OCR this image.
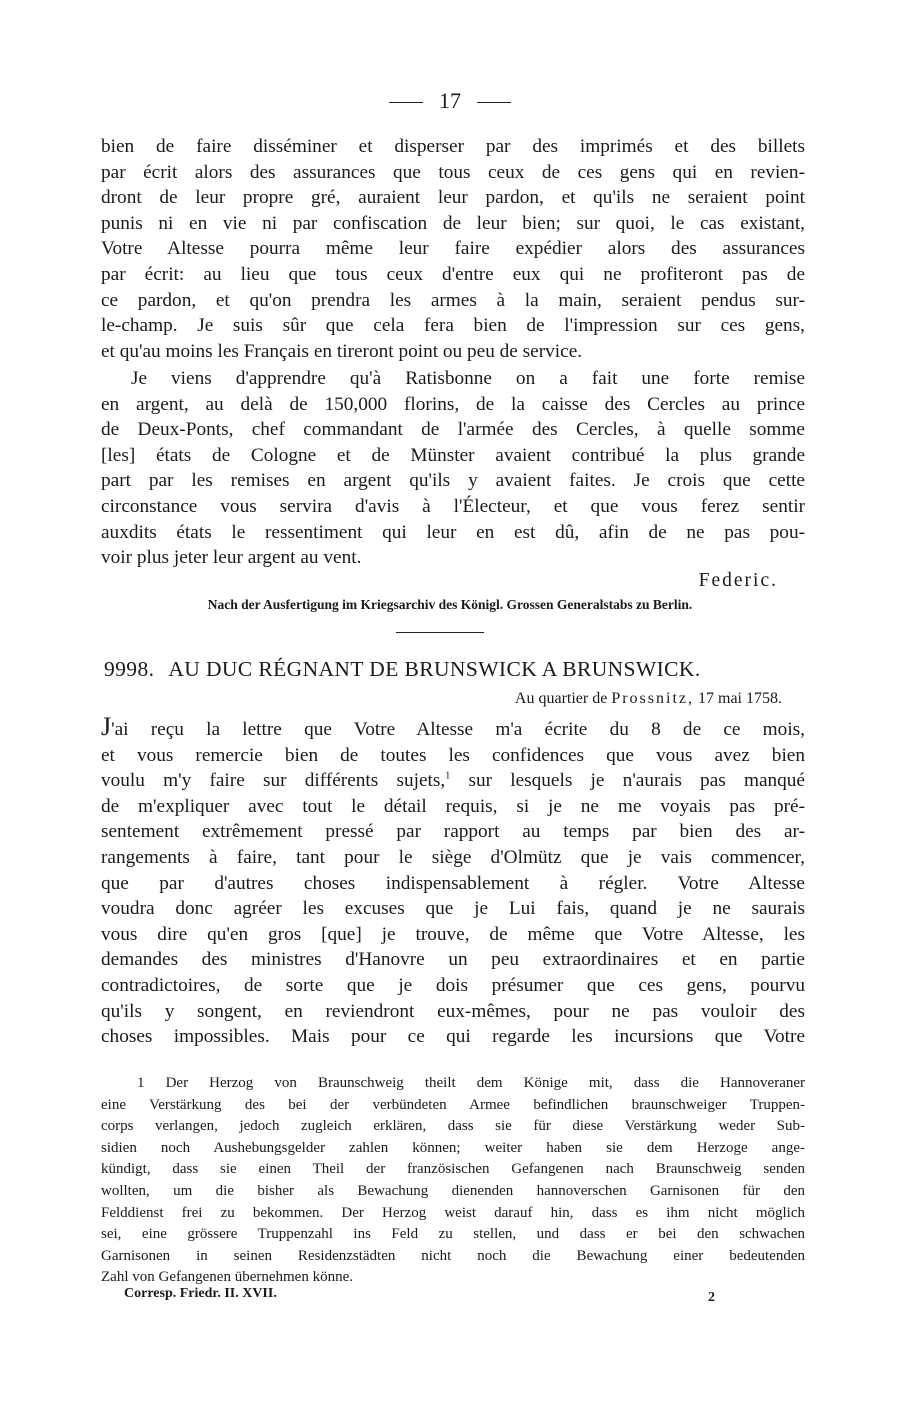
17
bien de faire disséminer et disperser par des imprimés et des billets
par écrit alors des assurances que tous ceux de ces gens qui en revien-
dront de leur propre gré, auraient leur pardon, et qu'ils ne seraient point
punis ni en vie ni par confiscation de leur bien; sur quoi, le cas existant,
Votre Altesse pourra même leur faire expédier alors des assurances
par écrit: au lieu que tous ceux d'entre eux qui ne profiteront pas de
ce pardon, et qu'on prendra les armes à la main, seraient pendus sur-
le-champ. Je suis sûr que cela fera bien de l'impression sur ces gens,
et qu'au moins les Français en tireront point ou peu de service.
Je viens d'apprendre qu'à Ratisbonne on a fait une forte remise
en argent, au delà de 150,000 florins, de la caisse des Cercles au prince
de Deux-Ponts, chef commandant de l'armée des Cercles, à quelle somme
[les] états de Cologne et de Münster avaient contribué la plus grande
part par les remises en argent qu'ils y avaient faites. Je crois que cette
circonstance vous servira d'avis à l'Électeur, et que vous ferez sentir
auxdits états le ressentiment qui leur en est dû, afin de ne pas pou-
voir plus jeter leur argent au vent.
Federic.
Nach der Ausfertigung im Kriegsarchiv des Königl. Grossen Generalstabs zu Berlin.
9998. AU DUC RÉGNANT DE BRUNSWICK A BRUNSWICK.
Au quartier de Prossnitz, 17 mai 1758.
J'ai reçu la lettre que Votre Altesse m'a écrite du 8 de ce mois,
et vous remercie bien de toutes les confidences que vous avez bien
voulu m'y faire sur différents sujets,$^1$ sur lesquels je n'aurais pas manqué
de m'expliquer avec tout le détail requis, si je ne me voyais pas pré-
sentement extrêmement pressé par rapport au temps par bien des ar-
rangements à faire, tant pour le siège d'Olmütz que je vais commencer,
que par d'autres choses indispensablement à régler. Votre Altesse
voudra donc agréer les excuses que je Lui fais, quand je ne saurais
vous dire qu'en gros [que] je trouve, de même que Votre Altesse, les
demandes des ministres d'Hanovre un peu extraordinaires et en partie
contradictoires, de sorte que je dois présumer que ces gens, pourvu
qu'ils y songent, en reviendront eux-mêmes, pour ne pas vouloir des
choses impossibles. Mais pour ce qui regarde les incursions que Votre
1 Der Herzog von Braunschweig theilt dem Könige mit, dass die Hannoveraner
eine Verstärkung des bei der verbündeten Armee befindlichen braunschweiger Truppen-
corps verlangen, jedoch zugleich erklären, dass sie für diese Verstärkung weder Sub-
sidien noch Aushebungsgelder zahlen können; weiter haben sie dem Herzoge ange-
kündigt, dass sie einen Theil der französischen Gefangenen nach Braunschweig senden
wollten, um die bisher als Bewachung dienenden hannoverschen Garnisonen für den
Felddienst frei zu bekommen. Der Herzog weist darauf hin, dass es ihm nicht möglich
sei, eine grössere Truppenzahl ins Feld zu stellen, und dass er bei den schwachen
Garnisonen in seinen Residenzstädten nicht noch die Bewachung einer bedeutenden
Zahl von Gefangenen übernehmen könne.
Corresp. Friedr. II. XVII.	2
